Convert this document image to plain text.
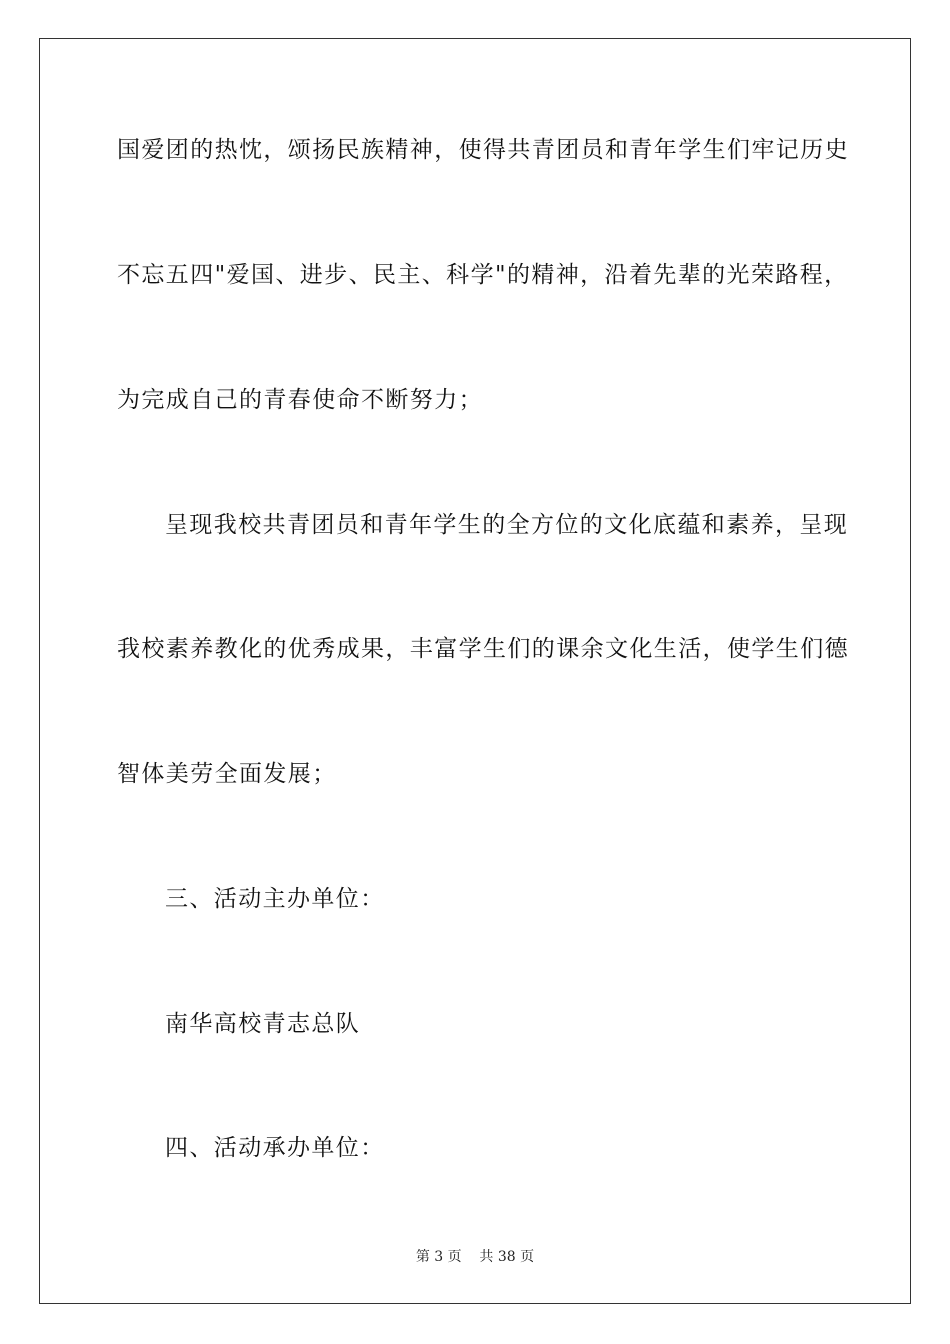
国爱团的热忱，颂扬民族精神，使得共青团员和青年学生们牢记历史
不忘五四"爱国、进步、民主、科学"的精神，沿着先辈的光荣路程，
为完成自己的青春使命不断努力；
呈现我校共青团员和青年学生的全方位的文化底蕴和素养，呈现
我校素养教化的优秀成果，丰富学生们的课余文化生活，使学生们德
智体美劳全面发展；
三、活动主办单位：
南华高校青志总队
四、活动承办单位：
第 3 页    共 38 页
